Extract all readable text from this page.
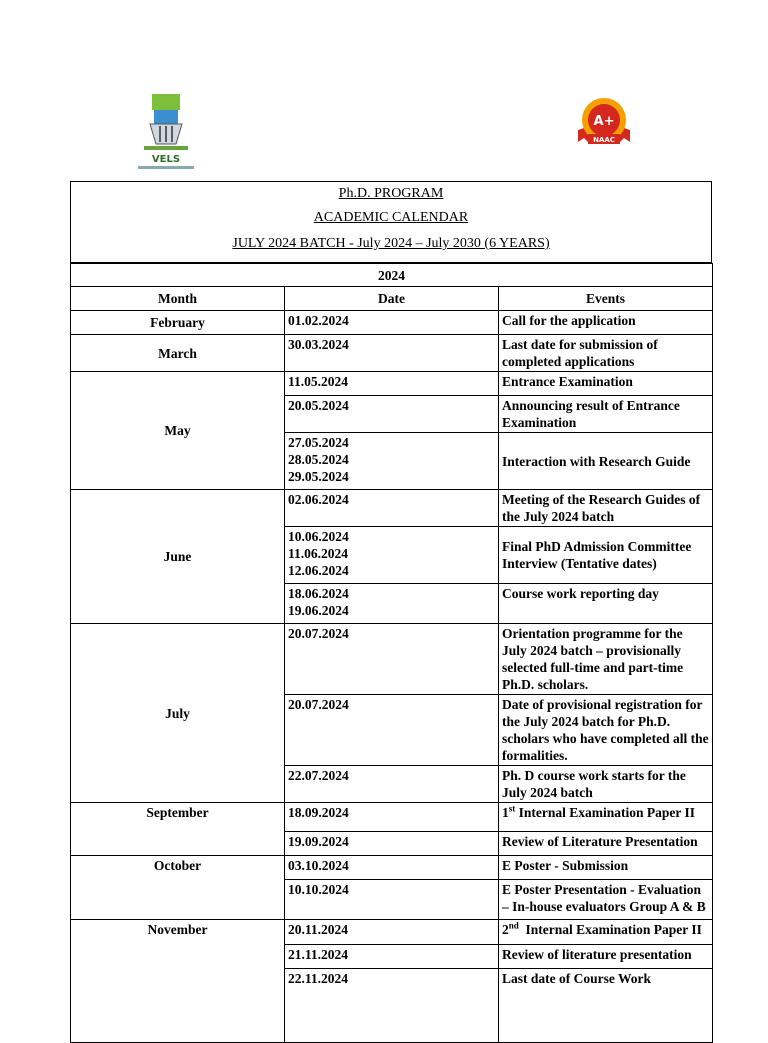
VELS
A+
NAAC
Ph.D. PROGRAM
ACADEMIC CALENDAR
JULY 2024 BATCH - July 2024 – July 2030 (6 YEARS)
2024		
Month	Date	Events
February	01.02.2024	Call for the application
March	30.03.2024	Last date for submission of completed applications
May	11.05.2024	Entrance Examination
	20.05.2024	Announcing result of Entrance Examination

	27.05.2024
28.05.2024
29.05.2024	Interaction with Research Guide
June	02.06.2024	Meeting of the Research Guides of the July 2024 batch

	10.06.2024
11.06.2024
12.06.2024	Final PhD Admission Committee Interview (Tentative dates)

	18.06.2024
19.06.2024	Course work reporting day
July	20.07.2024	Orientation programme for the July 2024 batch – provisionally selected full-time and part-time Ph.D. scholars.
	20.07.2024	Date of provisional registration for the July 2024 batch for Ph.D. scholars who have completed all the formalities.
	22.07.2024	Ph. D course work starts for the July 2024 batch
September	18.09.2024	1st Internal Examination Paper II
	19.09.2024	Review of Literature Presentation
October	03.10.2024	E Poster - Submission
	10.10.2024	E Poster Presentation - Evaluation – In-house evaluators Group A & B
November	20.11.2024	2nd  Internal Examination Paper II
	21.11.2024	Review of literature presentation
	22.11.2024	Last date of Course Work
